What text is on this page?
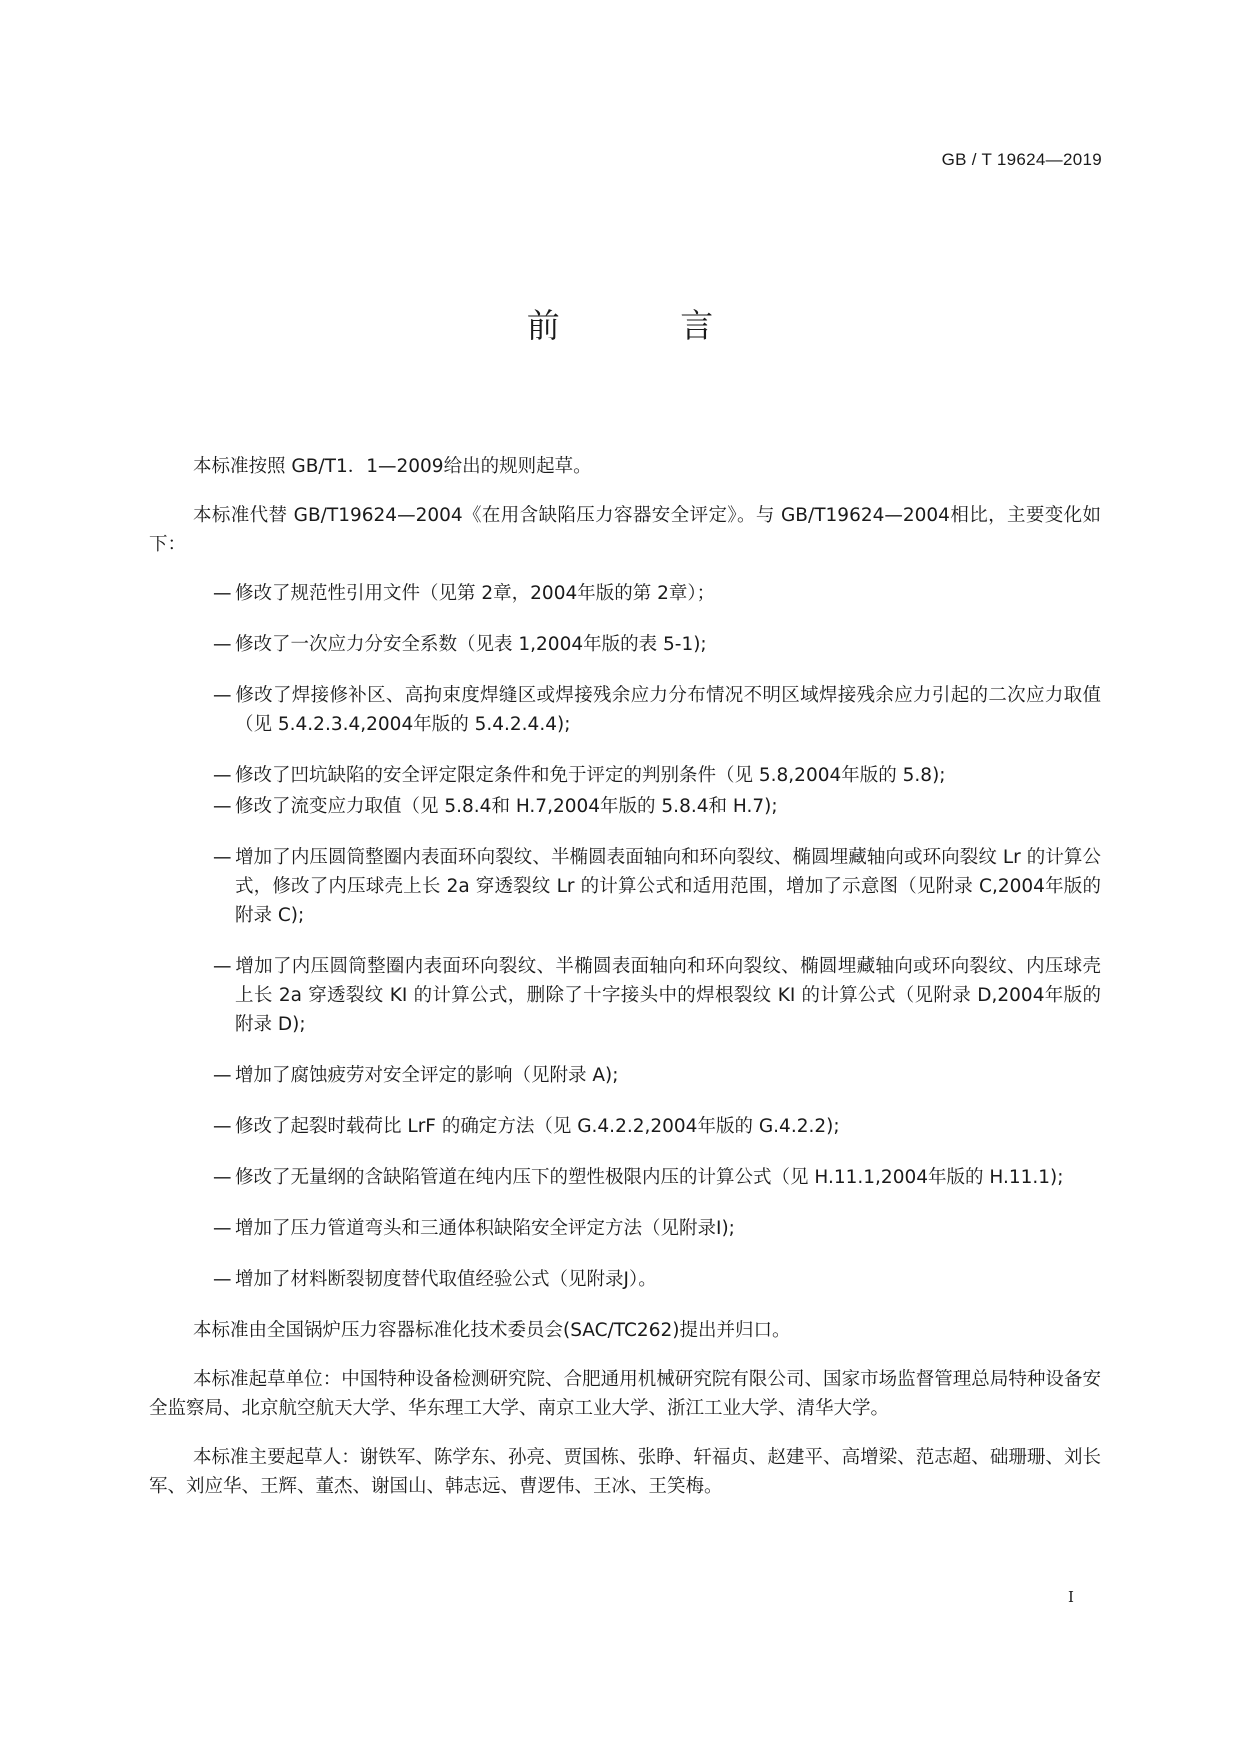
GB / T 19624—2019
前 言

本标准按照 GB/T1．1—2009给出的规则起草。

本标准代替 GB/T19624—2004《在用含缺陷压力容器安全评定》。与 GB/T19624—2004相比，主要变化如下：

— 修改了规范性引用文件（见第 2章，2004年版的第 2章）；
— 修改了一次应力分安全系数（见表 1,2004年版的表 5-1);
— 修改了焊接修补区、高拘束度焊缝区或焊接残余应力分布情况不明区域焊接残余应力引起的二次应力取值（见 5.4.2.3.4,2004年版的 5.4.2.4.4);
— 修改了凹坑缺陷的安全评定限定条件和免于评定的判别条件（见 5.8,2004年版的 5.8);
— 修改了流变应力取值（见 5.8.4和 H.7,2004年版的 5.8.4和 H.7);
— 增加了内压圆筒整圈内表面环向裂纹、半椭圆表面轴向和环向裂纹、椭圆埋藏轴向或环向裂纹 Lr 的计算公式，修改了内压球壳上长 2a 穿透裂纹 Lr 的计算公式和适用范围，增加了示意图（见附录 C,2004年版的附录 C);
— 增加了内压圆筒整圈内表面环向裂纹、半椭圆表面轴向和环向裂纹、椭圆埋藏轴向或环向裂纹、内压球壳上长 2a 穿透裂纹 KI 的计算公式，删除了十字接头中的焊根裂纹 KI 的计算公式（见附录 D,2004年版的附录 D);
— 增加了腐蚀疲劳对安全评定的影响（见附录 A);
— 修改了起裂时载荷比 LrF 的确定方法（见 G.4.2.2,2004年版的 G.4.2.2);
— 修改了无量纲的含缺陷管道在纯内压下的塑性极限内压的计算公式（见 H.11.1,2004年版的 H.11.1);
— 增加了压力管道弯头和三通体积缺陷安全评定方法（见附录I);
— 增加了材料断裂韧度替代取值经验公式（见附录J）。

本标准由全国锅炉压力容器标准化技术委员会(SAC/TC262)提出并归口。

本标准起草单位：中国特种设备检测研究院、合肥通用机械研究院有限公司、国家市场监督管理总局特种设备安全监察局、北京航空航天大学、华东理工大学、南京工业大学、浙江工业大学、清华大学。

本标准主要起草人：谢铁军、陈学东、孙亮、贾国栋、张睁、轩福贞、赵建平、高增梁、范志超、础珊珊、刘长军、刘应华、王辉、董杰、谢国山、韩志远、曹逻伟、王冰、王笑梅。

I
